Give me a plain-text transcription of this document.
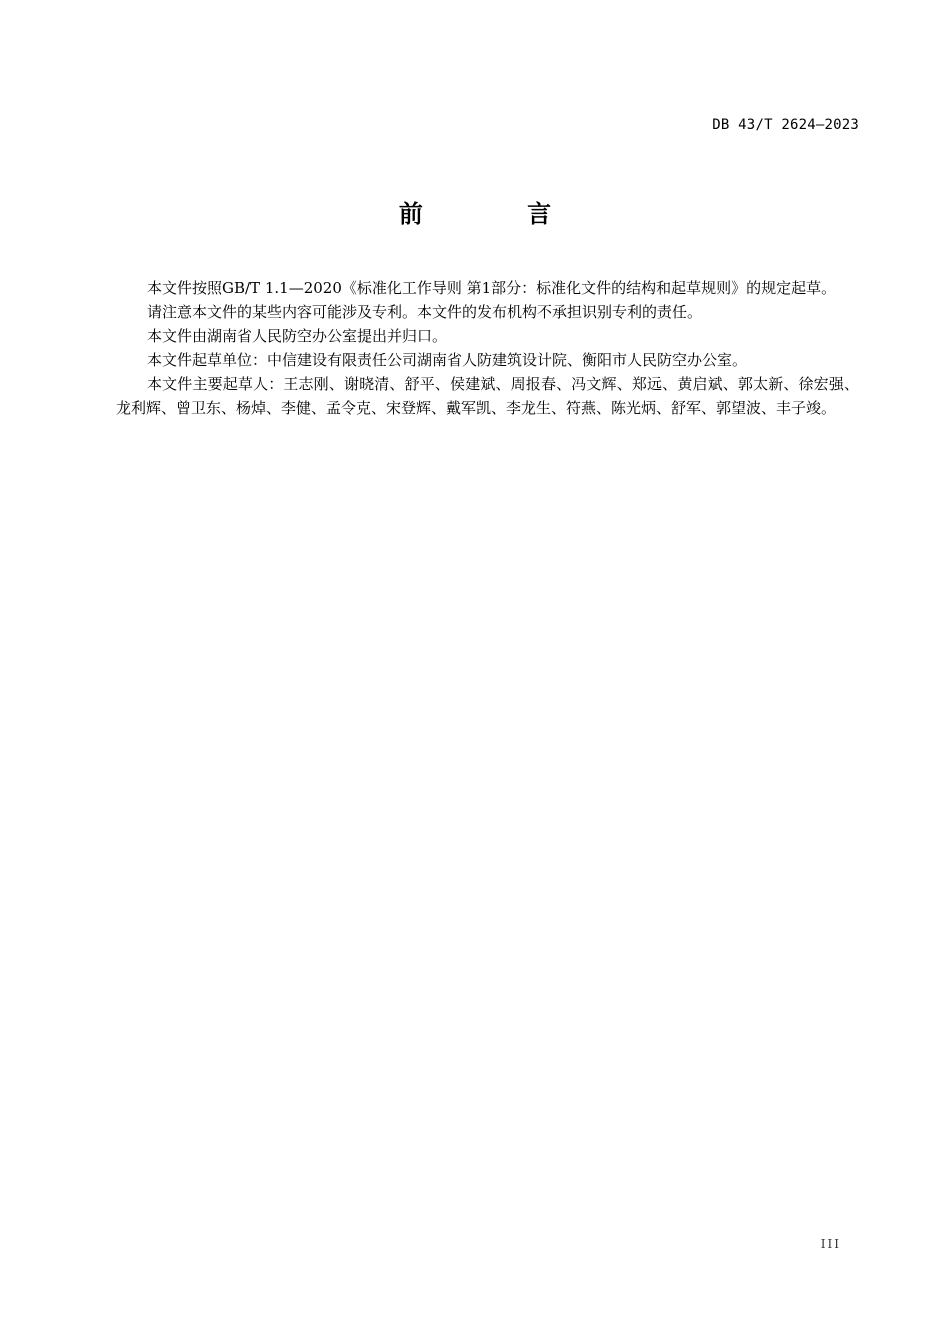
DB 43/T 2624—2023
前 言

本文件按照GB/T 1.1—2020《标准化工作导则 第1部分：标准化文件的结构和起草规则》的规定起草。

请注意本文件的某些内容可能涉及专利。本文件的发布机构不承担识别专利的责任。

本文件由湖南省人民防空办公室提出并归口。

本文件起草单位：中信建设有限责任公司湖南省人防建筑设计院、衡阳市人民防空办公室。

本文件主要起草人：王志刚、谢晓清、舒平、侯建斌、周报春、冯文辉、郑远、黄启斌、郭太新、徐宏强、龙利辉、曾卫东、杨焯、李健、孟令克、宋登辉、戴军凯、李龙生、符燕、陈光炳、舒军、郭望波、丰子竣。

III
